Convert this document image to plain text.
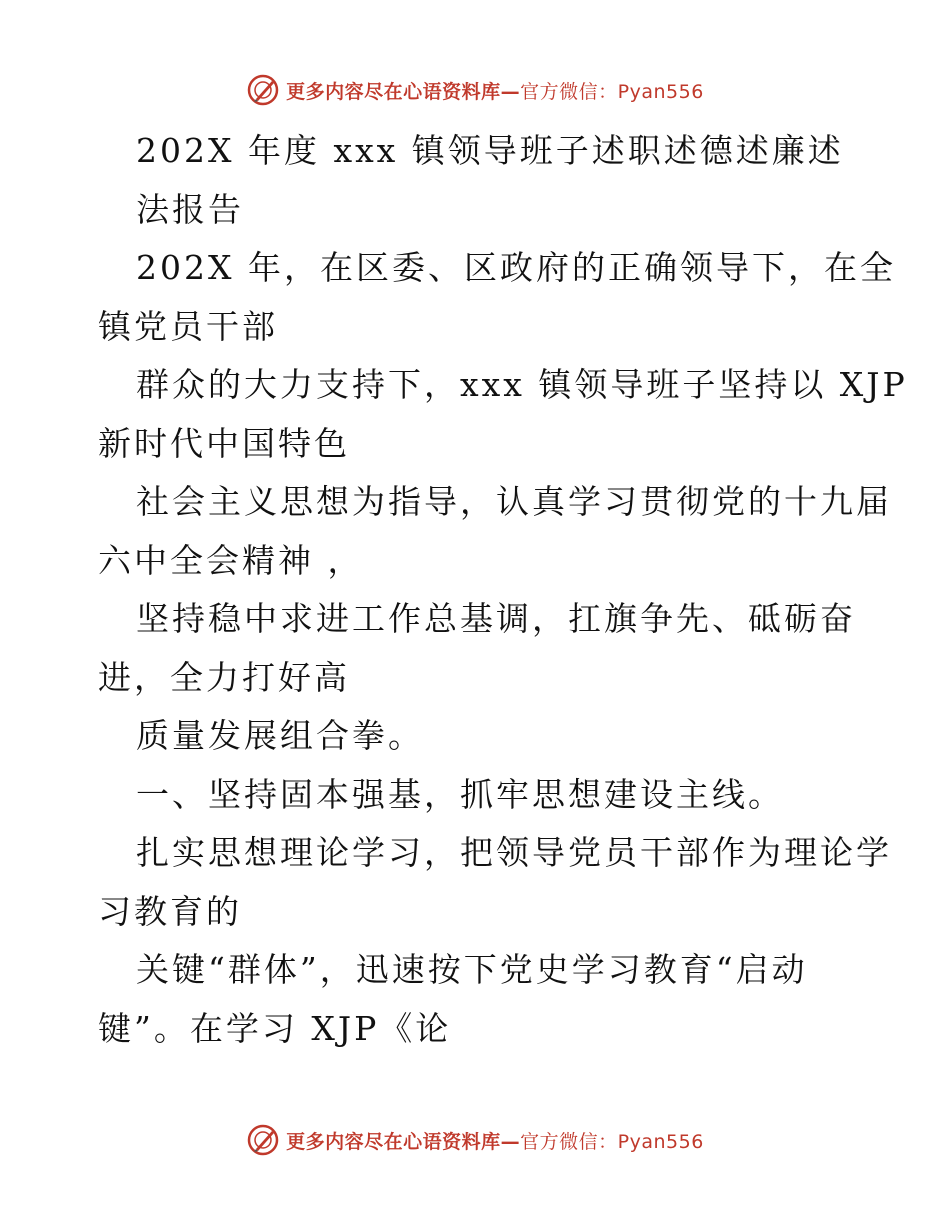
更多内容尽在心语资料库—官方微信：Pyan556
202X 年度 xxx 镇领导班子述职述德述廉述
法报告
202X 年，在区委、区政府的正确领导下，在全
镇党员干部
群众的大力支持下，xxx 镇领导班子坚持以 XJP
新时代中国特色
社会主义思想为指导，认真学习贯彻党的十九届
六中全会精神 ，
坚持稳中求进工作总基调，扛旗争先、砥砺奋
进，全力打好高
质量发展组合拳。
一、坚持固本强基，抓牢思想建设主线。
扎实思想理论学习，把领导党员干部作为理论学
习教育的
关键“群体”，迅速按下党史学习教育“启动
键”。在学习 XJP《论
更多内容尽在心语资料库—官方微信：Pyan556
